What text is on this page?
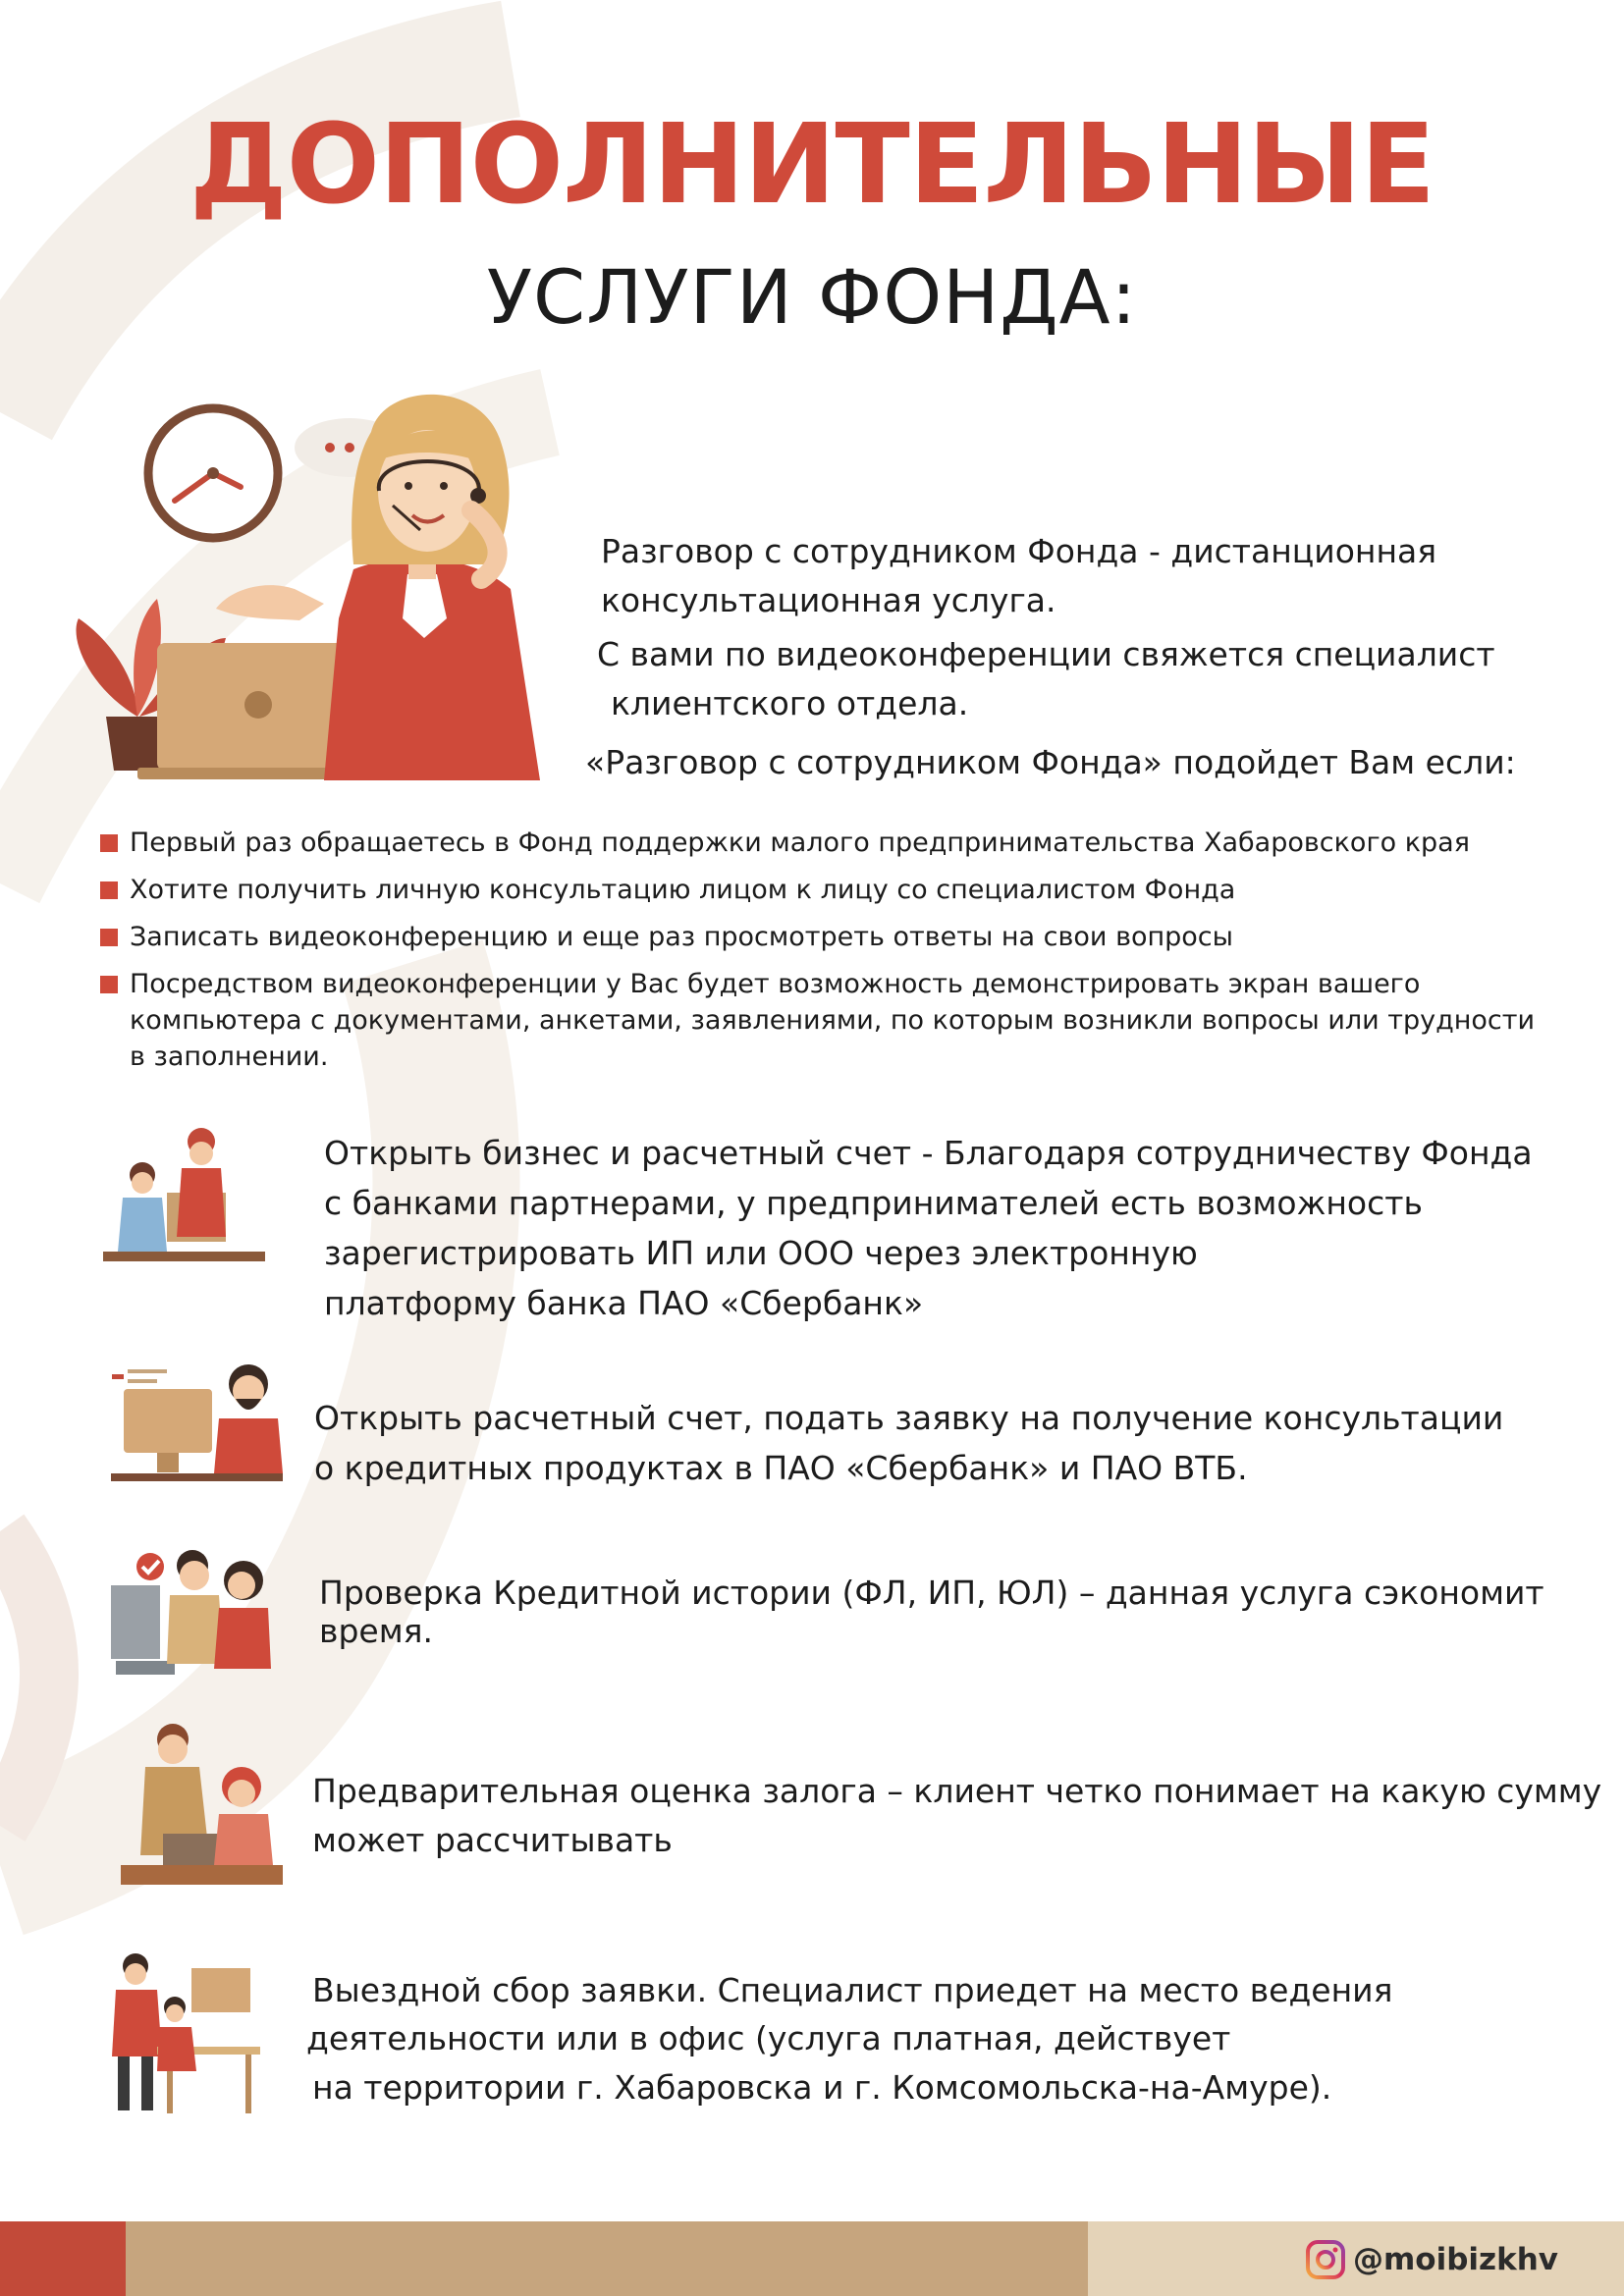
ДОПОЛНИТЕЛЬНЫЕ
УСЛУГИ ФОНДА:
Разговор с сотрудником Фонда - дистанционная
консультационная услуга.
С вами по видеоконференции свяжется специалист
клиентского отдела.
«Разговор с сотрудником Фонда» подойдет Вам если:
Первый раз обращаетесь в Фонд поддержки малого предпринимательства Хабаровского края
Хотите получить личную консультацию лицом к лицу со специалистом Фонда
Записать видеоконференцию и еще раз просмотреть ответы на свои вопросы
Посредством видеоконференции у Вас будет возможность демонстрировать экран вашего компьютера с документами, анкетами, заявлениями, по которым возникли вопросы или трудности в заполнении.
Открыть бизнес и расчетный счет - Благодаря сотрудничеству Фонда
с банками партнерами, у предпринимателей есть возможность
зарегистрировать ИП или ООО через электронную
платформу банка ПАО «Сбербанк»
Открыть расчетный счет, подать заявку на получение консультации
о кредитных продуктах в ПАО «Сбербанк» и ПАО ВТБ.
Проверка Кредитной истории (ФЛ, ИП, ЮЛ) – данная услуга сэкономит
время.
Предварительная оценка залога – клиент четко понимает на какую сумму
может рассчитывать
Выездной сбор заявки. Специалист приедет на место ведения
деятельности или в офис (услуга платная, действует
на территории г. Хабаровска и г. Комсомольска-на-Амуре).
@moibizkhv
